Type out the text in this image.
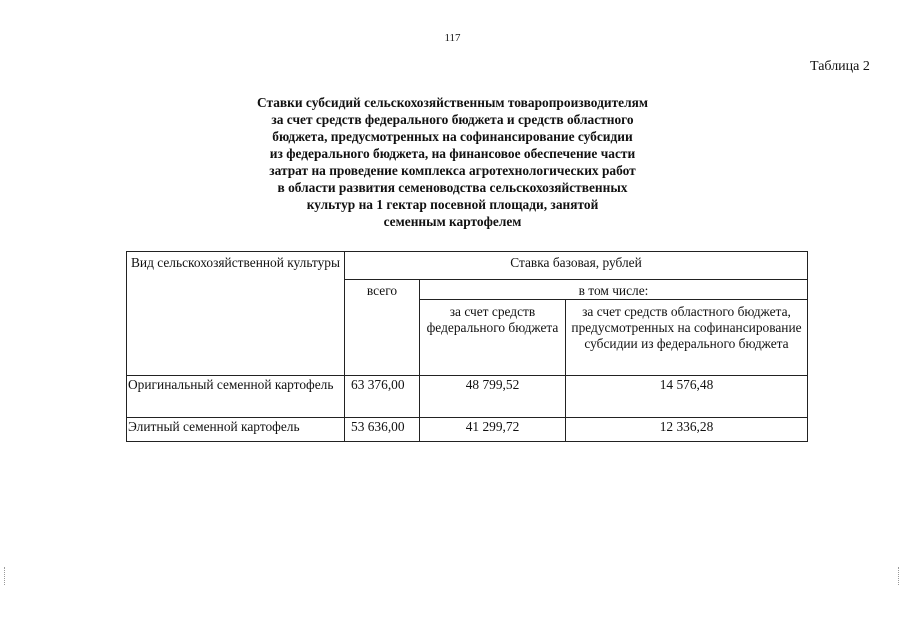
117
Таблица 2
Ставки субсидий сельскохозяйственным товаропроизводителям
за счет средств федерального бюджета и средств областного
бюджета, предусмотренных на софинансирование субсидии
из федерального бюджета, на финансовое обеспечение части
затрат на проведение комплекса агротехнологических работ
в области развития семеноводства сельскохозяйственных
культур на 1 гектар посевной площади, занятой
семенным картофелем
Вид сельскохозяйственной культуры	Ставка базовая, рублей		
	всего	в том числе:	
		за счет средств федерального бюджета	за счет средств областного бюджета, предусмотренных на софинансирование субсидии из федерального бюджета
Оригинальный семенной картофель	63 376,00	48 799,52	14 576,48
Элитный семенной картофель	53 636,00	41 299,72	12 336,28
